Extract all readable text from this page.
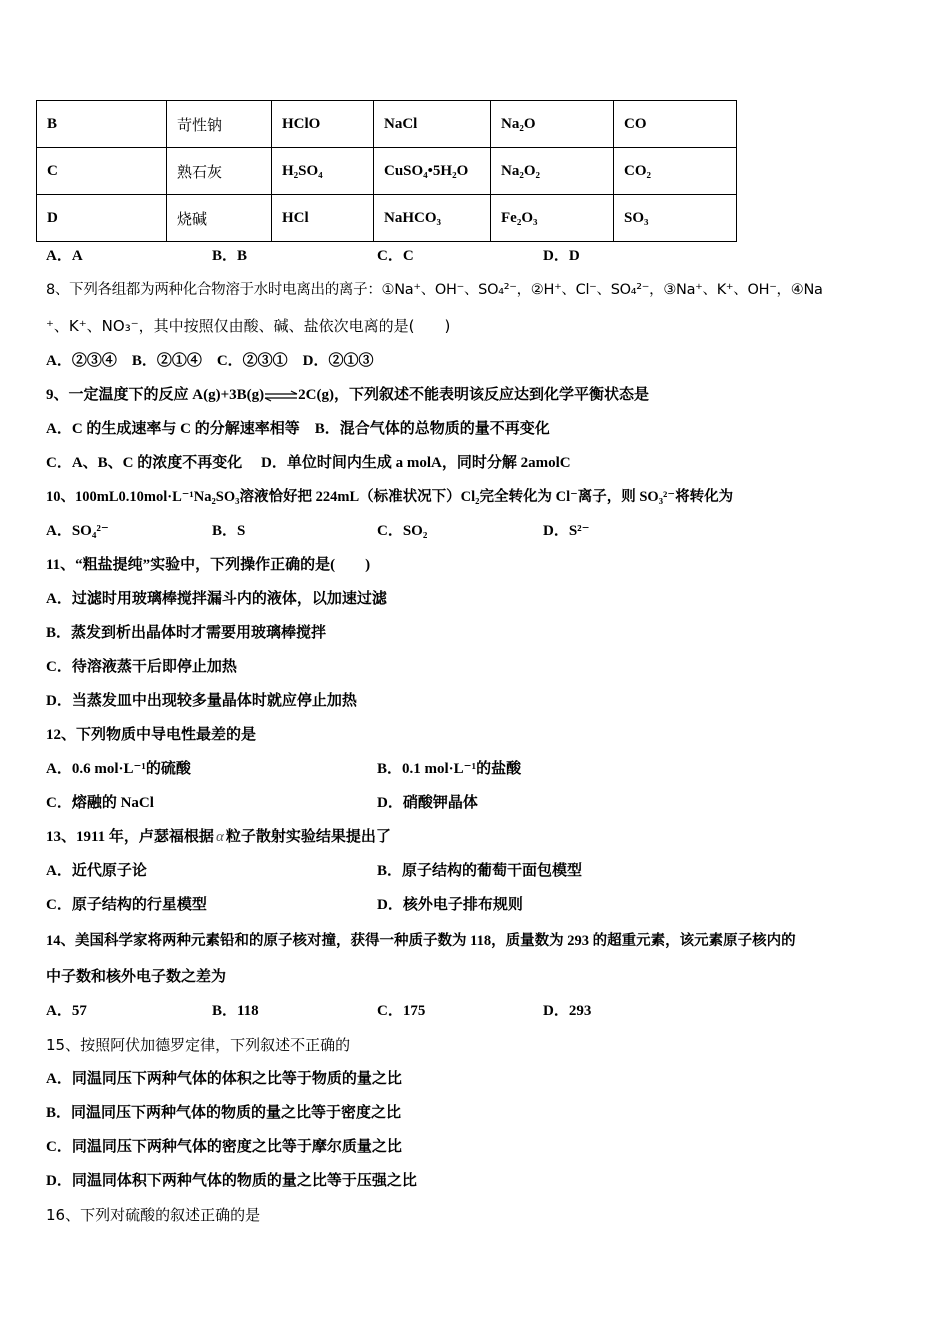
B	苛性钠	HClO	NaCl	Na₂O	CO
C	熟石灰	H₂SO₄	CuSO₄•5H₂O	Na₂O₂	CO₂
D	烧碱	HCl	NaHCO₃	Fe₂O₃	SO₃
A．A	B．B	C．C	D．D
8、下列各组都为两种化合物溶于水时电离出的离子：①Na⁺、OH⁻、SO₄²⁻，②H⁺、Cl⁻、SO₄²⁻，③Na⁺、K⁺、OH⁻，④Na
⁺、K⁺、NO₃⁻，其中按照仅由酸、碱、盐依次电离的是(　　)
A．②③④　B．②①④　C．②③①　D．②①③
9、一定温度下的反应 A(g)+3B(g)⇌2C(g)，下列叙述不能表明该反应达到化学平衡状态是
A．C 的生成速率与 C 的分解速率相等　B．混合气体的总物质的量不再变化
C．A、B、C 的浓度不再变化　 D．单位时间内生成 a molA，同时分解 2amolC
10、100mL0.10mol·L⁻¹Na₂SO₃溶液恰好把 224mL（标准状况下）Cl₂完全转化为 Cl⁻离子，则 SO₃²⁻将转化为
A．SO₄²⁻	B．S	C．SO₂	D．S²⁻
11、“粗盐提纯”实验中，下列操作正确的是(　　)
A．过滤时用玻璃棒搅拌漏斗内的液体，以加速过滤
B．蒸发到析出晶体时才需要用玻璃棒搅拌
C．待溶液蒸干后即停止加热
D．当蒸发皿中出现较多量晶体时就应停止加热
12、下列物质中导电性最差的是
A．0.6 mol·L⁻¹的硫酸	B．0.1 mol·L⁻¹的盐酸
C．熔融的 NaCl	D．硝酸钾晶体
13、1911 年，卢瑟福根据 α 粒子散射实验结果提出了
A．近代原子论	B．原子结构的葡萄干面包模型
C．原子结构的行星模型	D．核外电子排布规则
14、美国科学家将两种元素铅和的原子核对撞，获得一种质子数为 118，质量数为 293 的超重元素，该元素原子核内的
中子数和核外电子数之差为
A．57	B．118	C．175	D．293
15、按照阿伏加德罗定律，下列叙述不正确的
A．同温同压下两种气体的体积之比等于物质的量之比
B．同温同压下两种气体的物质的量之比等于密度之比
C．同温同压下两种气体的密度之比等于摩尔质量之比
D．同温同体积下两种气体的物质的量之比等于压强之比
16、下列对硫酸的叙述正确的是
